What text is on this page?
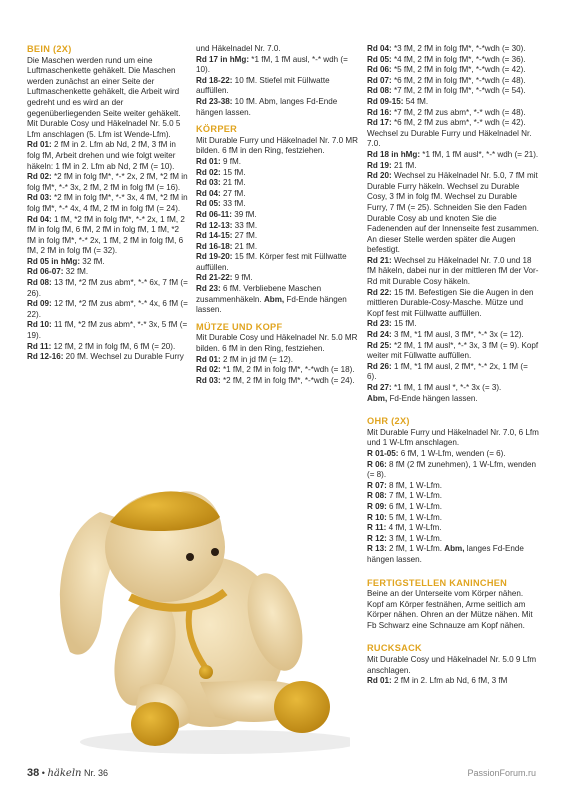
BEIN (2X)

Die Maschen werden rund um eine Luftmaschenkette gehäkelt. Die Maschen werden zunächst an einer Seite der Luftmaschenkette gehäkelt, die Arbeit wird gedreht und es wird an der gegenüberliegenden Seite weiter gehäkelt. Mit Durable Cosy und Häkelnadel Nr. 5.0 5 Lfm anschlagen (5. Lfm ist Wende-Lfm).

Rd 01: 2 fM in 2. Lfm ab Nd, 2 fM, 3 fM in folg fM, Arbeit drehen und wie folgt weiter häkeln: 1 fM in 2. Lfm ab Nd, 2 fM (= 10).

Rd 02: *2 fM in folg fM*, *-* 2x, 2 fM, *2 fM in folg fM*, *-* 3x, 2 fM, 2 fM in folg fM (= 16).

Rd 03: *2 fM in folg fM*, *-* 3x, 4 fM, *2 fM in folg fM*, *-* 4x, 4 fM, 2 fM in folg fM (= 24).

Rd 04: 1 fM, *2 fM in folg fM*, *-* 2x, 1 fM, 2 fM in folg fM, 6 fM, 2 fM in folg fM, 1 fM, *2 fM in folg fM*, *-* 2x, 1 fM, 2 fM in folg fM, 6 fM, 2 fM in folg fM (= 32).

Rd 05 in hMg: 32 fM.

Rd 06-07: 32 fM.

Rd 08: 13 fM, *2 fM zus abm*, *-* 6x, 7 fM (= 26).

Rd 09: 12 fM, *2 fM zus abm*, *-* 4x, 6 fM (= 22).

Rd 10: 11 fM, *2 fM zus abm*, *-* 3x, 5 fM (= 19).

Rd 11: 12 fM, 2 fM in folg fM, 6 fM (= 20).

Rd 12-16: 20 fM. Wechsel zu Durable Furry

und Häkelnadel Nr. 7.0.

Rd 17 in hMg: *1 fM, 1 fM ausl, *-* wdh (= 10).

Rd 18-22: 10 fM. Stiefel mit Füllwatte auffüllen.

Rd 23-38: 10 fM. Abm, langes Fd-Ende hängen lassen.

KÖRPER

Mit Durable Furry und Häkelnadel Nr. 7.0 MR bilden. 6 fM in den Ring, festziehen.

Rd 01: 9 fM.

Rd 02: 15 fM.

Rd 03: 21 fM.

Rd 04: 27 fM.

Rd 05: 33 fM.

Rd 06-11: 39 fM.

Rd 12-13: 33 fM.

Rd 14-15: 27 fM.

Rd 16-18: 21 fM.

Rd 19-20: 15 fM. Körper fest mit Füllwatte auffüllen.

Rd 21-22: 9 fM.

Rd 23: 6 fM. Verbliebene Maschen zusammenhäkeln. Abm, Fd-Ende hängen lassen.

MÜTZE UND KOPF

Mit Durable Cosy und Häkelnadel Nr. 5.0 MR bilden. 6 fM in den Ring, festziehen.

Rd 01: 2 fM in jd fM (= 12).

Rd 02: *1 fM, 2 fM in folg fM*, *-*wdh (= 18).

Rd 03: *2 fM, 2 fM in folg fM*, *-*wdh (= 24).

Rd 04: *3 fM, 2 fM in folg fM*, *-*wdh (= 30).

Rd 05: *4 fM, 2 fM in folg fM*, *-*wdh (= 36).

Rd 06: *5 fM, 2 fM in folg fM*, *-*wdh (= 42).

Rd 07: *6 fM, 2 fM in folg fM*, *-*wdh (= 48).

Rd 08: *7 fM, 2 fM in folg fM*, *-*wdh (= 54).

Rd 09-15: 54 fM.

Rd 16: *7 fM, 2 fM zus abm*, *-* wdh (= 48).

Rd 17: *6 fM, 2 fM zus abm*, *-* wdh (= 42). Wechsel zu Durable Furry und Häkelnadel Nr. 7.0.

Rd 18 in hMg: *1 fM, 1 fM ausl*, *-* wdh (= 21).

Rd 19: 21 fM.

Rd 20: Wechsel zu Häkelnadel Nr. 5.0, 7 fM mit Durable Furry häkeln. Wechsel zu Durable Cosy, 3 fM in folg fM. Wechsel zu Durable Furry, 7 fM (= 25). Schneiden Sie den Faden Durable Cosy ab und knoten Sie die Fadenenden auf der Innenseite fest zusammen. An dieser Stelle werden später die Augen befestigt.

Rd 21: Wechsel zu Häkelnadel Nr. 7.0 und 18 fM häkeln, dabei nur in der mittleren fM der Vor-Rd mit Durable Cosy häkeln.

Rd 22: 15 fM. Befestigen Sie die Augen in den mittleren Durable-Cosy-Masche. Mütze und Kopf fest mit Füllwatte auffüllen.

Rd 23: 15 fM.

Rd 24: 3 fM, *1 fM ausl, 3 fM*, *-* 3x (= 12).

Rd 25: *2 fM, 1 fM ausl*, *-* 3x, 3 fM (= 9). Kopf weiter mit Füllwatte auffüllen.

Rd 26: 1 fM, *1 fM ausl, 2 fM*, *-* 2x, 1 fM (= 6).

Rd 27: *1 fM, 1 fM ausl *, *-* 3x (= 3).

Abm, Fd-Ende hängen lassen.

OHR (2X)

Mit Durable Furry und Häkelnadel Nr. 7.0, 6 Lfm und 1 W-Lfm anschlagen.

R 01-05: 6 fM, 1 W-Lfm, wenden (= 6).

R 06: 8 fM (2 fM zunehmen), 1 W-Lfm, wenden (= 8).

R 07: 8 fM, 1 W-Lfm.

R 08: 7 fM, 1 W-Lfm.

R 09: 6 fM, 1 W-Lfm.

R 10: 5 fM, 1 W-Lfm.

R 11: 4 fM, 1 W-Lfm.

R 12: 3 fM, 1 W-Lfm.

R 13: 2 fM, 1 W-Lfm. Abm, langes Fd-Ende hängen lassen.

FERTIGSTELLEN KANINCHEN

Beine an der Unterseite vom Körper nähen. Kopf am Körper festnähen, Arme seitlich am Körper nähen. Ohren an der Mütze nähen. Mit Fb Schwarz eine Schnauze am Kopf nähen.

RUCKSACK

Mit Durable Cosy und Häkelnadel Nr. 5.0 9 Lfm anschlagen.

Rd 01: 2 fM in 2. Lfm ab Nd, 6 fM, 3 fM

38 • häkeln Nr. 36	PassionForum.ru
